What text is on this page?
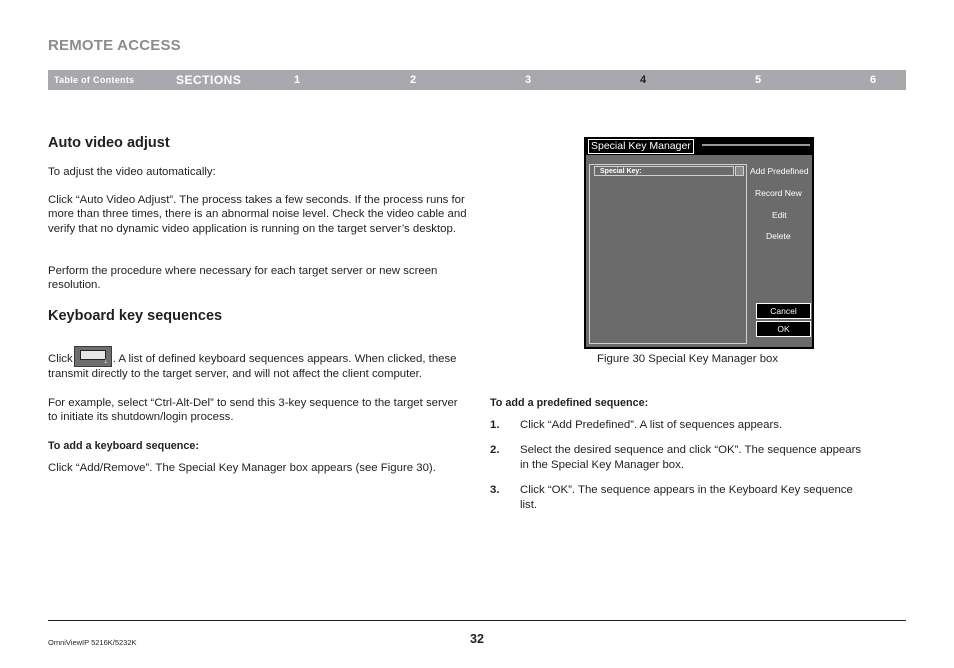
REMOTE ACCESS
Table of Contents	SECTIONS	1	2	3	4	5	6
Auto video adjust

To adjust the video automatically:

Click “Auto Video Adjust”. The process takes a few seconds. If the process runs for more than three times, there is an abnormal noise level. Check the video cable and verify that no dynamic video application is running on the target server’s desktop.

Perform the procedure where necessary for each target server or new screen resolution.

Keyboard key sequences

Click	↓ . A list of defined keyboard sequences appears. When clicked, these transmit directly to the target server, and will not affect the client computer.

For example, select “Ctrl-Alt-Del” to send this 3-key sequence to the target server to initiate its shutdown/login process.

To add a keyboard sequence:

Click “Add/Remove”. The Special Key Manager box appears (see Figure 30).

Special Key Manager
Special Key:	Add Predefined
Record New
Edit
Delete
Cancel
OK

Figure 30 Special Key Manager box

To add a predefined sequence:

1. Click “Add Predefined”. A list of sequences appears.
2. Select the desired sequence and click “OK”. The sequence appears in the Special Key Manager box.
3. Click “OK”. The sequence appears in the Keyboard Key sequence list.
OmniViewIP 5216K/5232K	32
